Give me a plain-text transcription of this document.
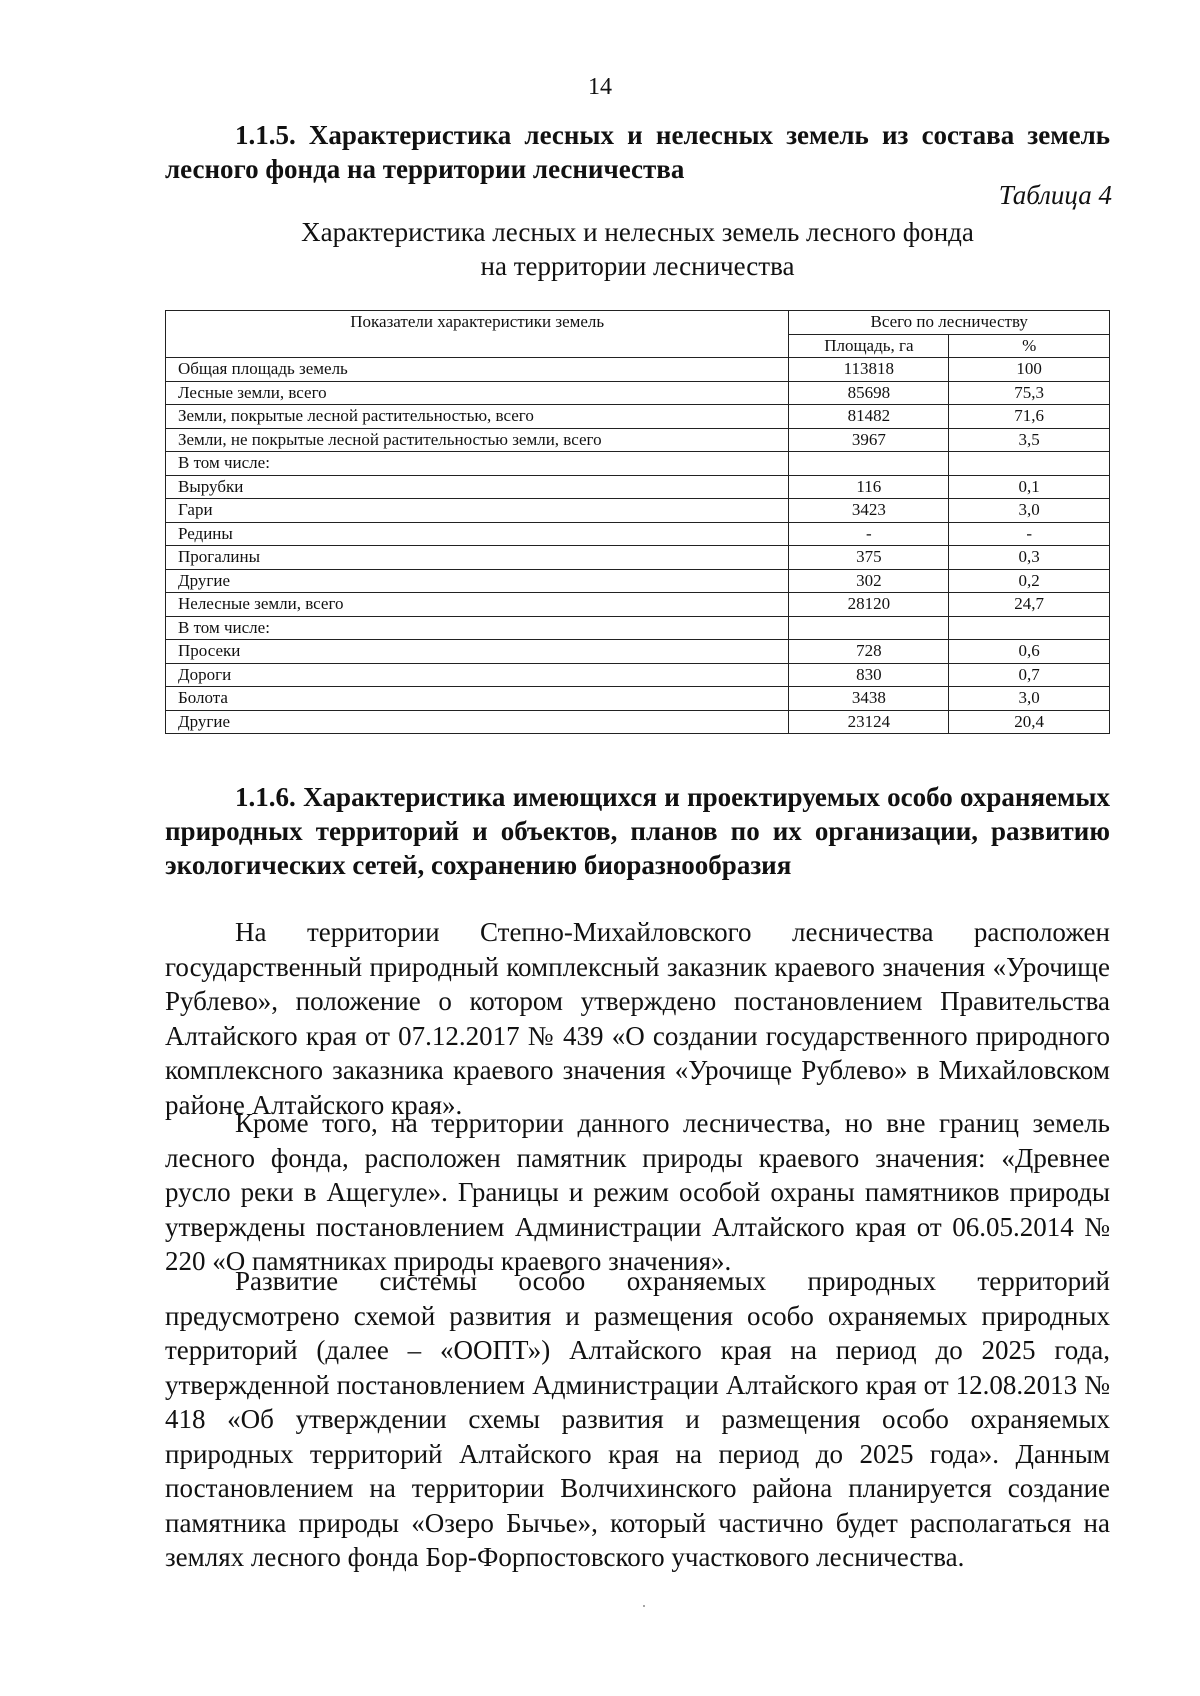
14
1.1.5. Характеристика лесных и нелесных земель из состава земель лесного фонда на территории лесничества
Таблица 4
Характеристика лесных и нелесных земель лесного фонда
на территории лесничества
Показатели характеристики земель	Всего по лесничеству	
	Площадь, га	%
Общая площадь земель	113818	100
Лесные земли, всего	85698	75,3
Земли, покрытые лесной растительностью, всего	81482	71,6
Земли, не покрытые лесной растительностью земли, всего	3967	3,5
В том числе:		
Вырубки	116	0,1
Гари	3423	3,0
Редины	-	-
Прогалины	375	0,3
Другие	302	0,2
Нелесные земли, всего	28120	24,7
В том числе:		
Просеки	728	0,6
Дороги	830	0,7
Болота	3438	3,0
Другие	23124	20,4
1.1.6. Характеристика имеющихся и проектируемых особо охраняемых природных территорий и объектов, планов по их организации, развитию экологических сетей, сохранению биоразнообразия
На территории Степно-Михайловского лесничества расположен государственный природный комплексный заказник краевого значения «Урочище Рублево», положение о котором утверждено постановлением Правительства Алтайского края от 07.12.2017 № 439 «О создании государственного природного комплексного заказника краевого значения «Урочище Рублево» в Михайловском районе Алтайского края».
Кроме того, на территории данного лесничества, но вне границ земель лесного фонда, расположен памятник природы краевого значения: «Древнее русло реки в Ащегуле». Границы и режим особой охраны памятников природы утверждены постановлением Администрации Алтайского края от 06.05.2014 № 220 «О памятниках природы краевого значения».
Развитие системы особо охраняемых природных территорий предусмотрено схемой развития и размещения особо охраняемых природных территорий (далее – «ООПТ») Алтайского края на период до 2025 года, утвержденной постановлением Администрации Алтайского края от 12.08.2013 № 418 «Об утверждении схемы развития и размещения особо охраняемых природных территорий Алтайского края на период до 2025 года». Данным постановлением на территории Волчихинского района планируется создание памятника природы «Озеро Бычье», который частично будет располагаться на землях лесного фонда Бор-Форпостовского участкового лесничества.
